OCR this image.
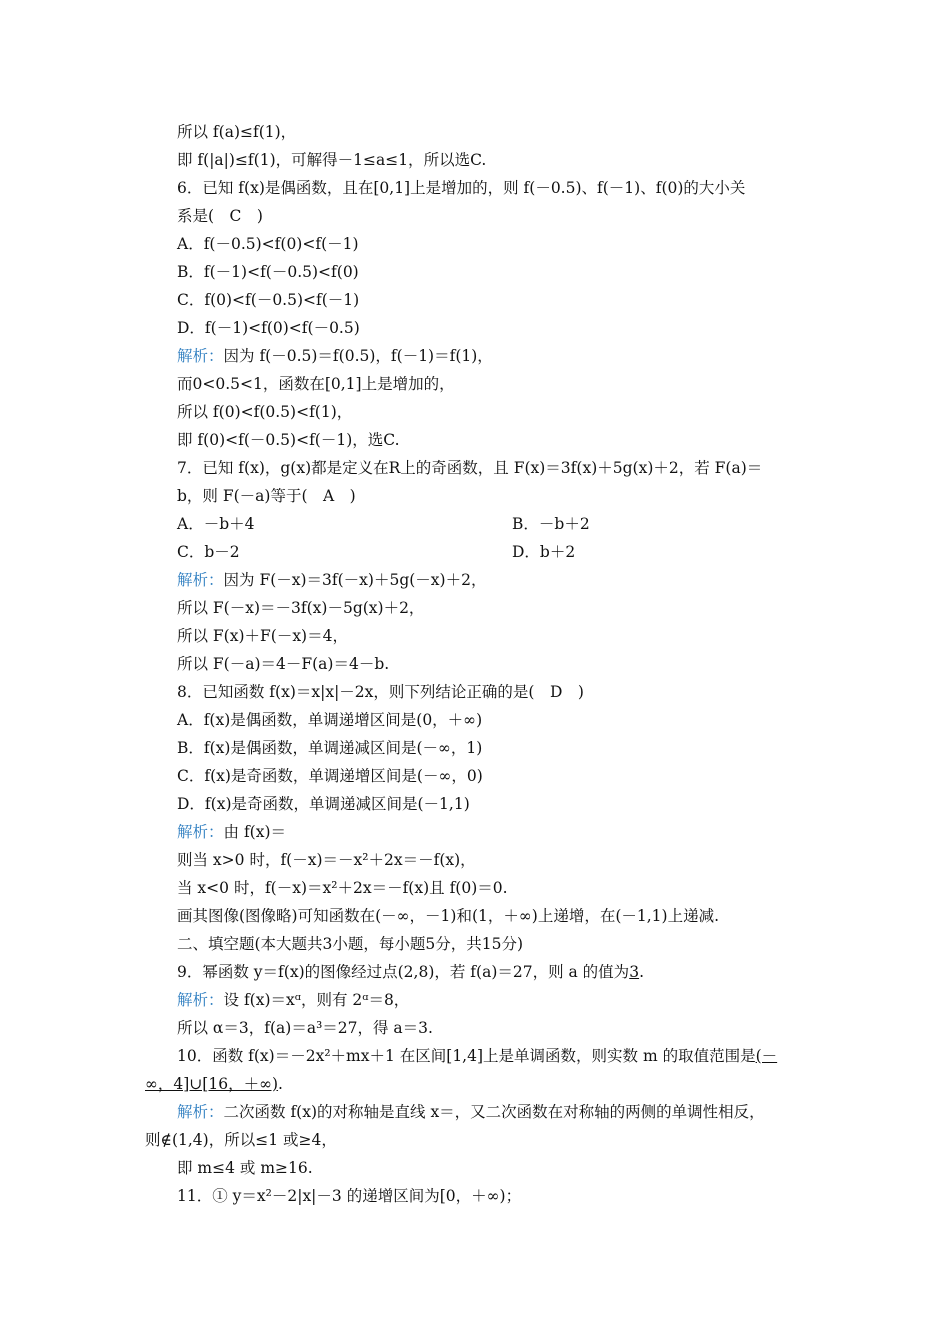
所以 f(a)≤f(1)，
即 f(|a|)≤f(1)，可解得－1≤a≤1，所以选C.
6．已知 f(x)是偶函数，且在[0,1]上是增加的，则 f(－0.5)、f(－1)、f(0)的大小关
系是(　C　)
A．f(－0.5)<f(0)<f(－1)
B．f(－1)<f(－0.5)<f(0)
C．f(0)<f(－0.5)<f(－1)
D．f(－1)<f(0)<f(－0.5)
解析：因为 f(－0.5)＝f(0.5)，f(－1)＝f(1)，
而0<0.5<1，函数在[0,1]上是增加的，
所以 f(0)<f(0.5)<f(1)，
即 f(0)<f(－0.5)<f(－1)，选C.
7．已知 f(x)，g(x)都是定义在R上的奇函数，且 F(x)＝3f(x)＋5g(x)＋2，若 F(a)＝
b，则 F(－a)等于(　A　)
A．－b＋4	B．－b＋2
C．b－2	D．b＋2
解析：因为 F(－x)＝3f(－x)＋5g(－x)＋2，
所以 F(－x)＝－3f(x)－5g(x)＋2，
所以 F(x)＋F(－x)＝4，
所以 F(－a)＝4－F(a)＝4－b.
8．已知函数 f(x)＝x|x|－2x，则下列结论正确的是(　D　)
A．f(x)是偶函数，单调递增区间是(0，＋∞)
B．f(x)是偶函数，单调递减区间是(－∞，1)
C．f(x)是奇函数，单调递增区间是(－∞，0)
D．f(x)是奇函数，单调递减区间是(－1,1)
解析：由 f(x)＝
则当 x>0 时，f(－x)＝－x²＋2x＝－f(x)，
当 x<0 时，f(－x)＝x²＋2x＝－f(x)且 f(0)＝0.
画其图像(图像略)可知函数在(－∞，－1)和(1，＋∞)上递增，在(－1,1)上递减.
二、填空题(本大题共3小题，每小题5分，共15分)
9．幂函数 y＝f(x)的图像经过点(2,8)，若 f(a)＝27，则 a 的值为3.
解析：设 f(x)＝xᵅ，则有 2ᵅ＝8，
所以 α＝3，f(a)＝a³＝27，得 a＝3.
10．函数 f(x)＝－2x²＋mx＋1 在区间[1,4]上是单调函数，则实数 m 的取值范围是(－
∞，4]∪[16，＋∞).
解析：二次函数 f(x)的对称轴是直线 x＝，又二次函数在对称轴的两侧的单调性相反，
则∉(1,4)，所以≤1 或≥4，
即 m≤4 或 m≥16.
11．① y＝x²－2|x|－3 的递增区间为[0，＋∞)；
